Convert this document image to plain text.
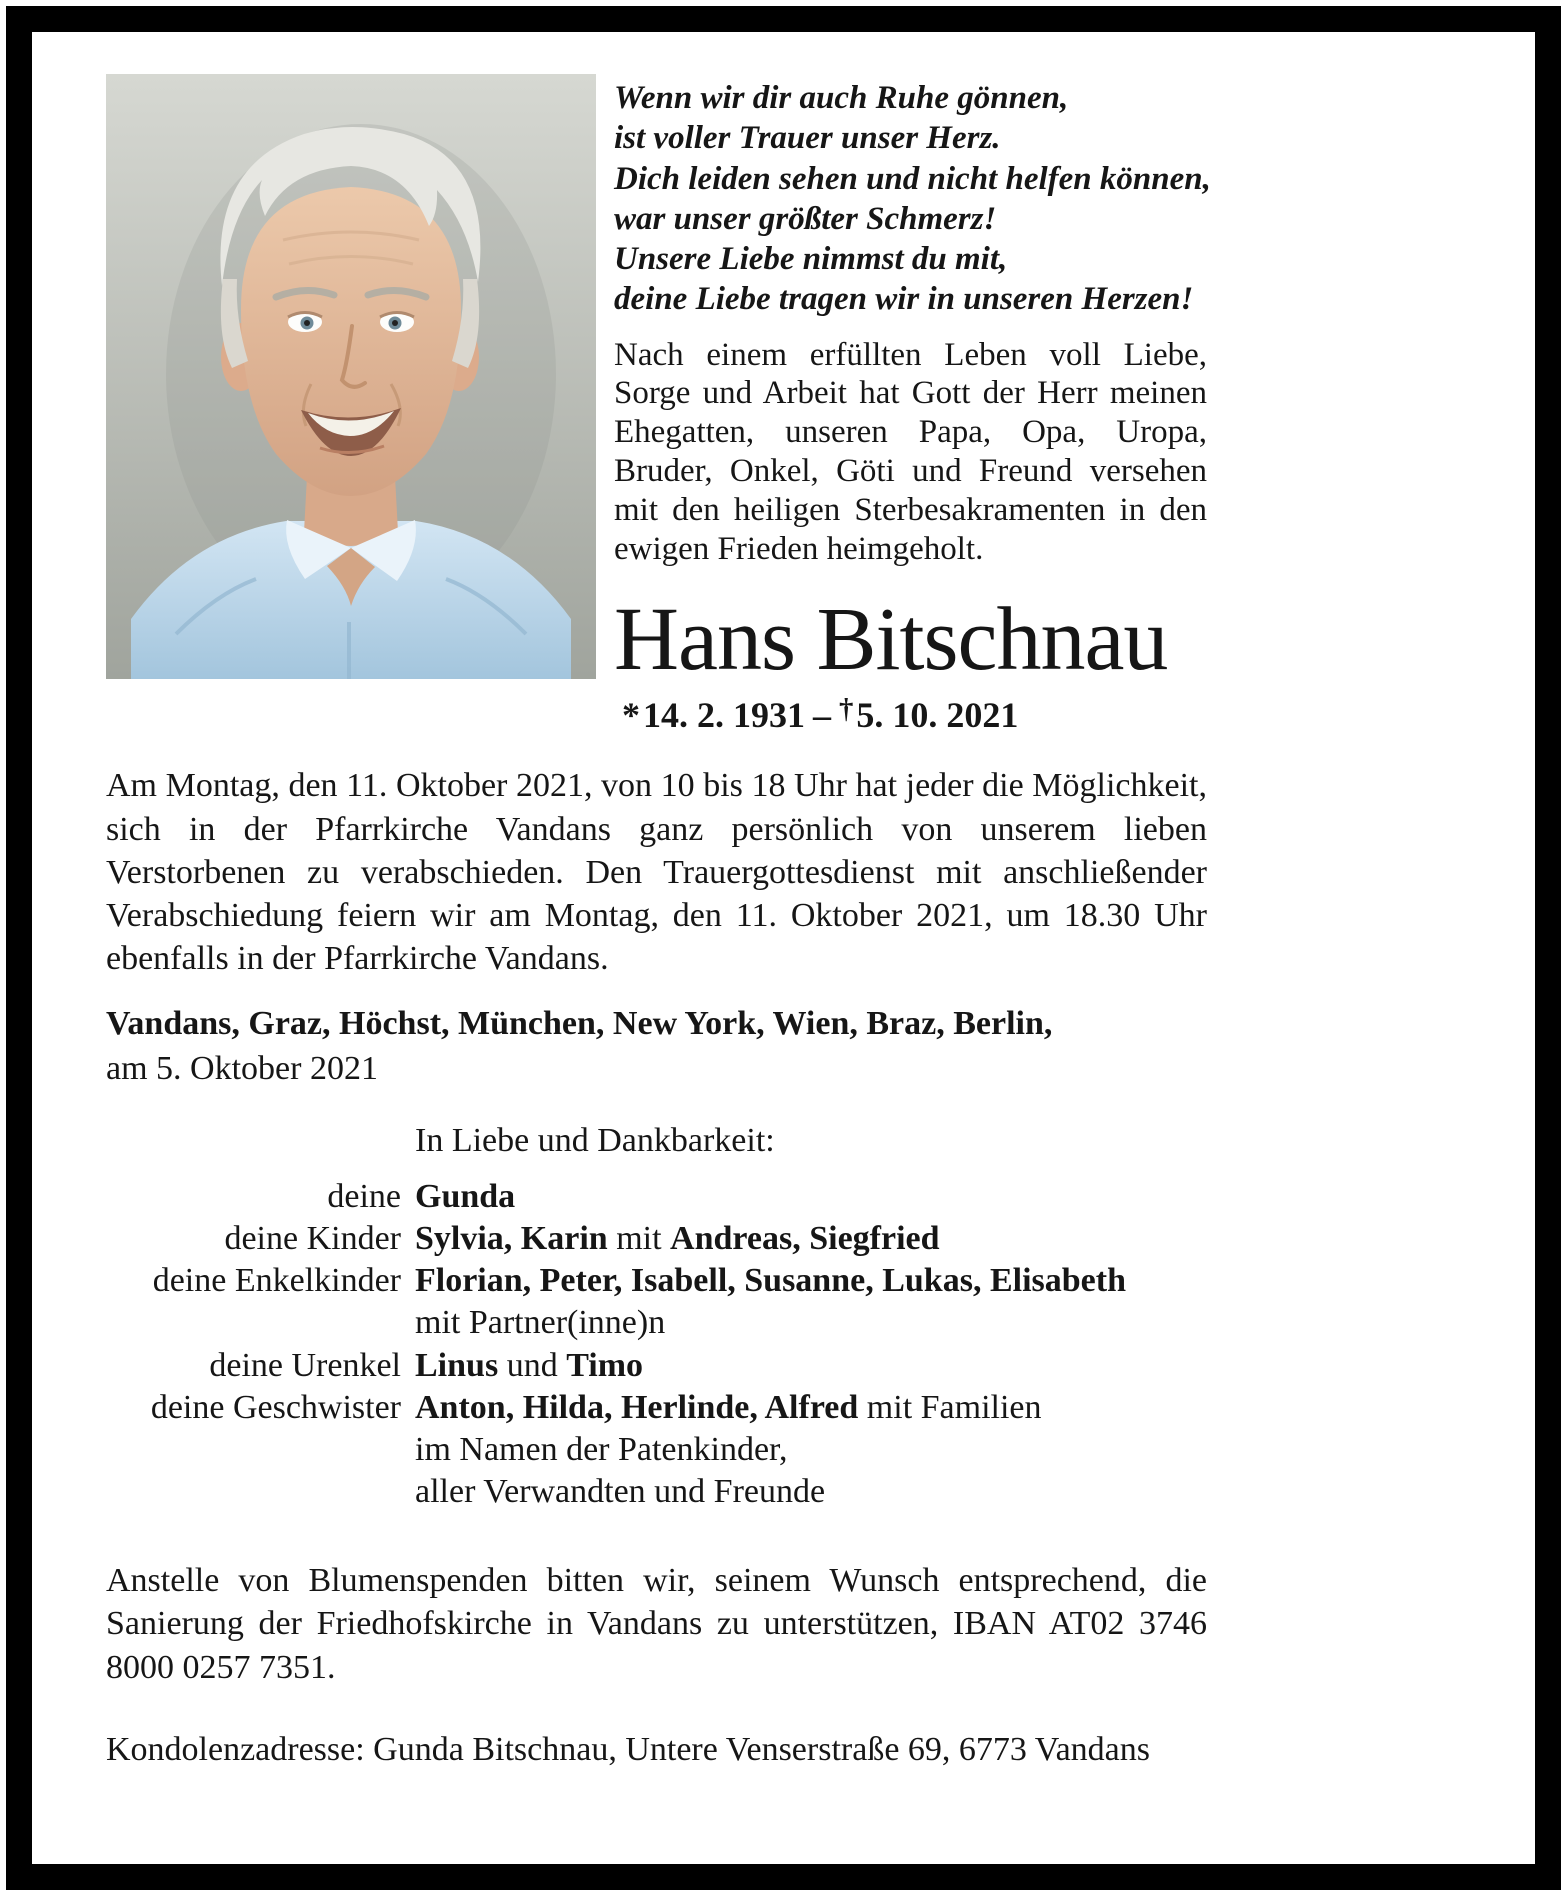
Wenn wir dir auch Ruhe gönnen,
ist voller Trauer unser Herz.
Dich leiden sehen und nicht helfen können,
war unser größter Schmerz!
Unsere Liebe nimmst du mit,
deine Liebe tragen wir in unseren Herzen!

Nach einem erfüllten Leben voll Liebe, Sorge und Arbeit hat Gott der Herr meinen Ehegatten, unseren Papa, Opa, Uropa, Bruder, Onkel, Göti und Freund versehen mit den heiligen Sterbesakramenten in den ewigen Frieden heimgeholt.

Hans Bitschnau
*14. 2. 1931 – †5. 10. 2021

Am Montag, den 11. Oktober 2021, von 10 bis 18 Uhr hat jeder die Möglichkeit, sich in der Pfarrkirche Vandans ganz persönlich von unserem lieben Verstorbenen zu verabschieden. Den Trauergottesdienst mit anschließender Verabschiedung feiern wir am Montag, den 11. Oktober 2021, um 18.30 Uhr ebenfalls in der Pfarrkirche Vandans.

Vandans, Graz, Höchst, München, New York, Wien, Braz, Berlin,
am 5. Oktober 2021
In Liebe und Dankbarkeit:
deine Gunda
deine Kinder Sylvia, Karin mit Andreas, Siegfried
deine Enkelkinder Florian, Peter, Isabell, Susanne, Lukas, Elisabeth
mit Partner(inne)n
deine Urenkel Linus und Timo
deine Geschwister Anton, Hilda, Herlinde, Alfred mit Familien
im Namen der Patenkinder,
aller Verwandten und Freunde

Anstelle von Blumenspenden bitten wir, seinem Wunsch entsprechend, die Sanierung der Friedhofskirche in Vandans zu unterstützen, IBAN AT02 3746 8000 0257 7351.

Kondolenzadresse: Gunda Bitschnau, Untere Venserstraße 69, 6773 Vandans
